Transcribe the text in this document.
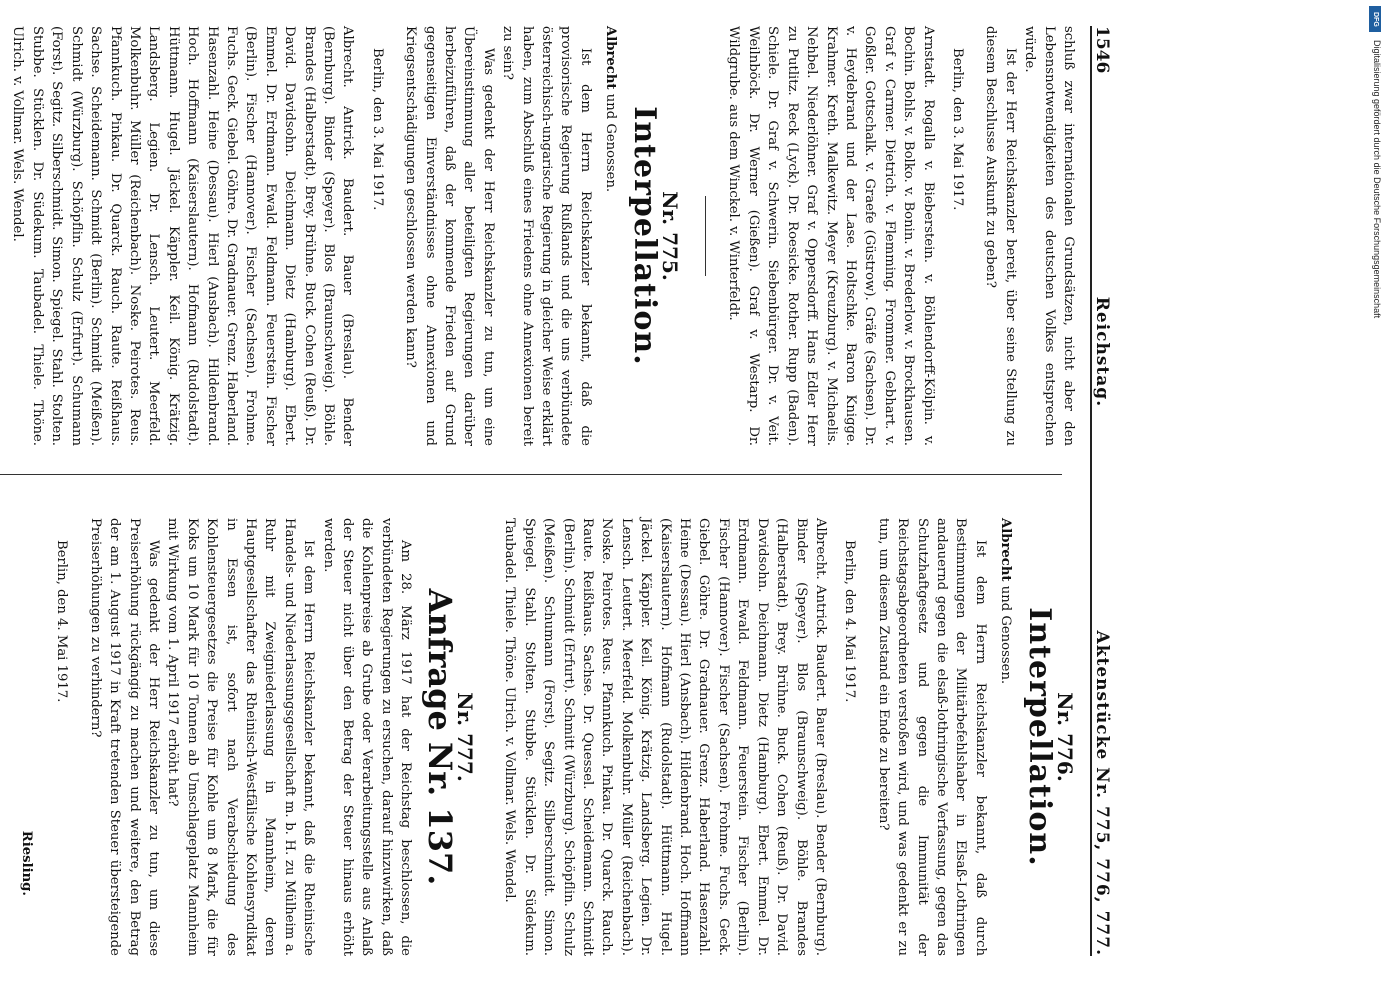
1546
Reichstag.
Aktenstücke Nr. 775, 776, 777.

schluß zwar internationalen Grundsätzen, nicht aber den Lebensnotwendigkeiten des deutschen Volkes entsprechen würde.

Ist der Herr Reichskanzler bereit, über seine Stellung zu diesem Beschlusse Auskunft zu geben?

Berlin, den 3. Mai 1917.

Arnstadt. Rogalla v. Bieberstein. v. Böhlendorff-Kölpin. v. Bochin. Bohls. v. Bolko. v. Bonin. v. Brederlow. v. Brockhausen. Graf v. Carmer. Dietrich. v. Flemming. Frommer. Gebhart. v. Goßler. Gottschalk. v. Graefe (Güstrow). Gräfe (Sachsen). Dr. v. Heydebrand und der Lase. Holtschke. Baron Knigge. Krahmer. Kreth. Malkewitz. Meyer (Kreuzburg). v. Michaelis. Nehbel. Niederlöhner. Graf v. Oppersdorff. Hans Edler Herr zu Putlitz. Reck (Lyck). Dr. Roesicke. Rother. Rupp (Baden). Schiele. Dr. Graf v. Schwerin. Siebenbürger. Dr. v. Veit. Weilnböck. Dr. Werner (Gießen). Graf v. Westarp. Dr. Wildgrube. aus dem Winckel. v. Winterfeldt.

Nr. 775.
Interpellation.

Albrecht und Genossen.

Ist dem Herrn Reichskanzler bekannt, daß die provisorische Regierung Rußlands und die uns verbündete österreichisch-ungarische Regierung in gleicher Weise erklärt haben, zum Abschluß eines Friedens ohne Annexionen bereit zu sein?

Was gedenkt der Herr Reichskanzler zu tun, um eine Übereinstimmung aller beteiligten Regierungen darüber herbeizuführen, daß der kommende Frieden auf Grund gegenseitigen Einverständnisses ohne Annexionen und Kriegsentschädigungen geschlossen werden kann?

Berlin, den 3. Mai 1917.

Albrecht. Antrick. Baudert. Bauer (Breslau). Bender (Bernburg). Binder (Speyer). Blos (Braunschweig). Böhle. Brandes (Halberstadt). Brey. Brühne. Buck. Cohen (Reuß). Dr. David. Davidsohn. Deichmann. Dietz (Hamburg). Ebert. Emmel. Dr. Erdmann. Ewald. Feldmann. Feuerstein. Fischer (Berlin). Fischer (Hannover). Fischer (Sachsen). Frohme. Fuchs. Geck. Giebel. Göhre. Dr. Gradnauer. Grenz. Haberland. Hasenzahl. Heine (Dessau). Hierl (Ansbach). Hildenbrand. Hoch. Hoffmann (Kaiserslautern). Hofmann (Rudolstadt). Hüttmann. Hugel. Jäckel. Käppler. Keil. König. Krätzig. Landsberg. Legien. Dr. Lensch. Leutert. Meerfeld. Molkenbuhr. Müller (Reichenbach). Noske. Peirotes. Reus. Pfannkuch. Pinkau. Dr. Quarck. Rauch. Raute. Reißhaus. Sachse. Scheidemann. Schmidt (Berlin). Schmidt (Meißen). Schmidt (Würzburg). Schöpflin. Schulz (Erfurt). Schumann (Forst). Segitz. Silberschmidt. Simon. Spiegel. Stahl. Stolten. Stubbe. Stücklen. Dr. Südekum. Taubadel. Thiele. Thöne. Ulrich. v. Vollmar. Wels. Wendel.

Nr. 776.
Interpellation.

Albrecht und Genossen.

Ist dem Herrn Reichskanzler bekannt, daß durch Bestimmungen der Militärbefehlshaber in Elsaß-Lothringen andauernd gegen die elsaß-lothringische Verfassung, gegen das Schutzhaftgesetz und gegen die Immunität der Reichstagsabgeordneten verstoßen wird, und was gedenkt er zu tun, um diesem Zustand ein Ende zu bereiten?

Berlin, den 4. Mai 1917.

Albrecht. Antrick. Baudert. Bauer (Breslau). Bender (Bernburg). Binder (Speyer). Blos (Braunschweig). Böhle. Brandes (Halberstadt). Brey. Brühne. Buck. Cohen (Reuß). Dr. David. Davidsohn. Deichmann. Dietz (Hamburg). Ebert. Emmel. Dr. Erdmann. Ewald. Feldmann. Feuerstein. Fischer (Berlin). Fischer (Hannover). Fischer (Sachsen). Frohme. Fuchs. Geck. Giebel. Göhre. Dr. Gradnauer. Grenz. Haberland. Hasenzahl. Heine (Dessau). Hierl (Ansbach). Hildenbrand. Hoch. Hoffmann (Kaiserslautern). Hofmann (Rudolstadt). Hüttmann. Hugel. Jäckel. Käppler. Keil. König. Krätzig. Landsberg. Legien. Dr. Lensch. Leutert. Meerfeld. Molkenbuhr. Müller (Reichenbach). Noske. Peirotes. Reus. Pfannkuch. Pinkau. Dr. Quarck. Rauch. Raute. Reißhaus. Sachse. Dr. Quessel. Scheidemann. Schmidt (Berlin). Schmidt (Erfurt). Schmitt (Würzburg). Schöpflin. Schulz (Meißen). Schumann (Forst). Segitz. Silberschmidt. Simon. Spiegel. Stahl. Stolten. Stubbe. Stücklen. Dr. Südekum. Taubadel. Thiele. Thöne. Ulrich. v. Vollmar. Wels. Wendel.

Nr. 777.
Anfrage Nr. 137.

Am 28. März 1917 hat der Reichstag beschlossen, die verbündeten Regierungen zu ersuchen, darauf hinzuwirken, daß die Kohlenpreise ab Grube oder Verarbeitungsstelle aus Anlaß der Steuer nicht über den Betrag der Steuer hinaus erhöht werden.

Ist dem Herrn Reichskanzler bekannt, daß die Rheinische Handels- und Niederlassungsgesellschaft m. b. H. zu Mülheim a. Ruhr mit Zweigniederlassung in Mannheim, deren Hauptgesellschafter das Rheinisch-Westfälische Kohlensyndikat in Essen ist, sofort nach Verabschiedung des Kohlensteuergesetzes die Preise für Kohle um 8 Mark, die für Koks um 10 Mark für 10 Tonnen ab Umschlageplatz Mannheim mit Wirkung vom 1. April 1917 erhöht hat?

Was gedenkt der Herr Reichskanzler zu tun, um diese Preiserhöhung rückgängig zu machen und weitere, den Betrag der am 1. August 1917 in Kraft tretenden Steuer übersteigende Preiserhöhungen zu verhindern?

Berlin, den 4. Mai 1917.

Riesling.

DFG
Digitalisierung gefördert durch die Deutsche Forschungsgemeinschaft
